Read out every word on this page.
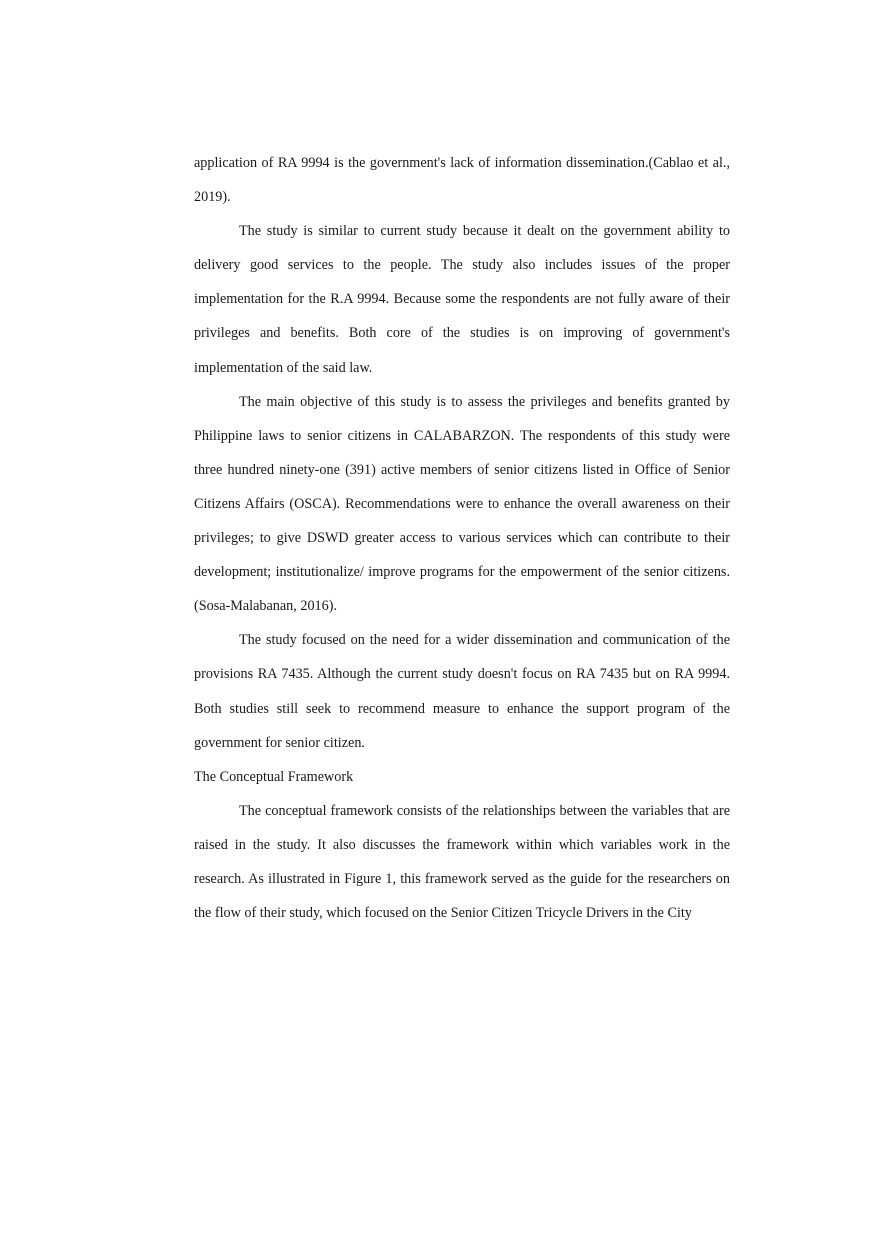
application of RA 9994 is the government's lack of information dissemination.(Cablao et al., 2019).

The study is similar to current study because it dealt on the government ability to delivery good services to the people. The study also includes issues of the proper implementation for the R.A 9994. Because some the respondents are not fully aware of their privileges and benefits. Both core of the studies is on improving of government's implementation of the said law.

The main objective of this study is to assess the privileges and benefits granted by Philippine laws to senior citizens in CALABARZON. The respondents of this study were three hundred ninety-one (391) active members of senior citizens listed in Office of Senior Citizens Affairs (OSCA). Recommendations were to enhance the overall awareness on their privileges; to give DSWD greater access to various services which can contribute to their development; institutionalize/ improve programs for the empowerment of the senior citizens.(Sosa-Malabanan, 2016).

The study focused on the need for a wider dissemination and communication of the provisions RA 7435. Although the current study doesn't focus on RA 7435 but on RA 9994. Both studies still seek to recommend measure to enhance the support program of the government for senior citizen.

The Conceptual Framework

The conceptual framework consists of the relationships between the variables that are raised in the study. It also discusses the framework within which variables work in the research. As illustrated in Figure 1, this framework served as the guide for the researchers on the flow of their study, which focused on the Senior Citizen Tricycle Drivers in the City
